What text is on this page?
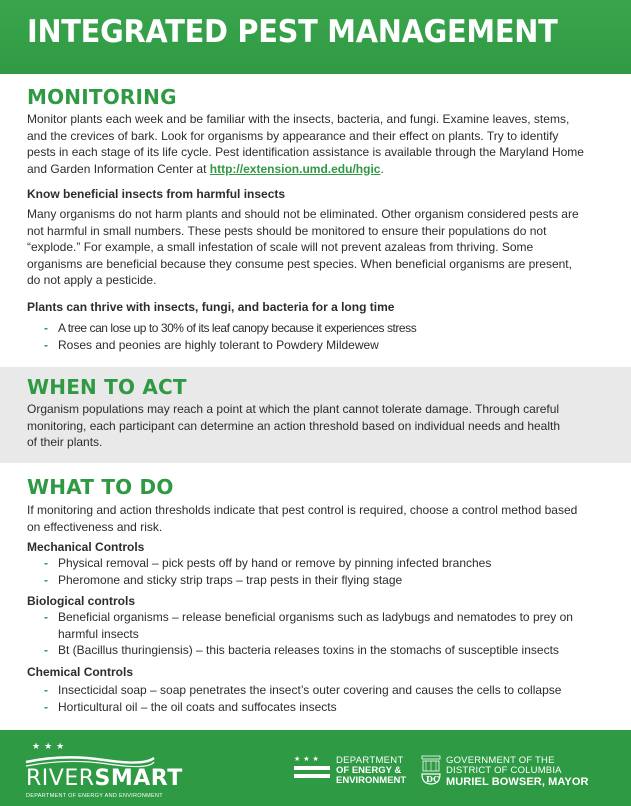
INTEGRATED PEST MANAGEMENT
MONITORING
Monitor plants each week and be familiar with the insects, bacteria, and fungi. Examine leaves, stems,
and the crevices of bark. Look for organisms by appearance and their effect on plants. Try to identify
pests in each stage of its life cycle. Pest identification assistance is available through the Maryland Home
and Garden Information Center at http://extension.umd.edu/hgic.
Know beneficial insects from harmful insects
Many organisms do not harm plants and should not be eliminated. Other organism considered pests are
not harmful in small numbers. These pests should be monitored to ensure their populations do not
“explode.” For example, a small infestation of scale will not prevent azaleas from thriving. Some
organisms are beneficial because they consume pest species. When beneficial organisms are present,
do not apply a pesticide.
Plants can thrive with insects, fungi, and bacteria for a long time
- A tree can lose up to 30% of its leaf canopy because it experiences stress
- Roses and peonies are highly tolerant to Powdery Mildewew
WHEN TO ACT
Organism populations may reach a point at which the plant cannot tolerate damage. Through careful
monitoring, each participant can determine an action threshold based on individual needs and health
of their plants.
WHAT TO DO
If monitoring and action thresholds indicate that pest control is required, choose a control method based
on effectiveness and risk.
Mechanical Controls
- Physical removal – pick pests off by hand or remove by pinning infected branches
- Pheromone and sticky strip traps – trap pests in their flying stage
Biological controls
- Beneficial organisms – release beneficial organisms such as ladybugs and nematodes to prey on harmful insects
- Bt (Bacillus thuringiensis) – this bacteria releases toxins in the stomachs of susceptible insects
Chemical Controls
- Insecticidal soap – soap penetrates the insect’s outer covering and causes the cells to collapse
- Horticultural oil – the oil coats and suffocates insects
★★★
RIVERSMART
DEPARTMENT OF ENERGY AND ENVIRONMENT
★★★ DEPARTMENT
OF ENERGY &
ENVIRONMENT DC
GOVERNMENT OF THE
DISTRICT OF COLUMBIA
MURIEL BOWSER, MAYOR
